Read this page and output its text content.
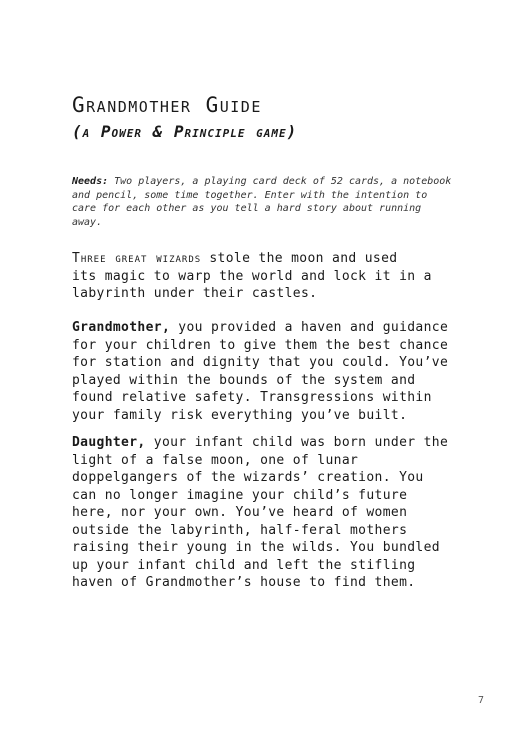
Grandmother Guide
(a Power & Principle game)

Needs: Two players, a playing card deck of 52 cards, a notebook and pencil, some time together. Enter with the intention to care for each other as you tell a hard story about running away.

Three great wizards stole the moon and used
its magic to warp the world and lock it in a
labyrinth under their castles.

Grandmother, you provided a haven and guidance
for your children to give them the best chance
for station and dignity that you could. You’ve
played within the bounds of the system and
found relative safety. Transgressions within
your family risk everything you’ve built.

Daughter, your infant child was born under the
light of a false moon, one of lunar
doppelgangers of the wizards’ creation. You
can no longer imagine your child’s future
here, nor your own. You’ve heard of women
outside the labyrinth, half-feral mothers
raising their young in the wilds. You bundled
up your infant child and left the stifling
haven of Grandmother’s house to find them.

7
